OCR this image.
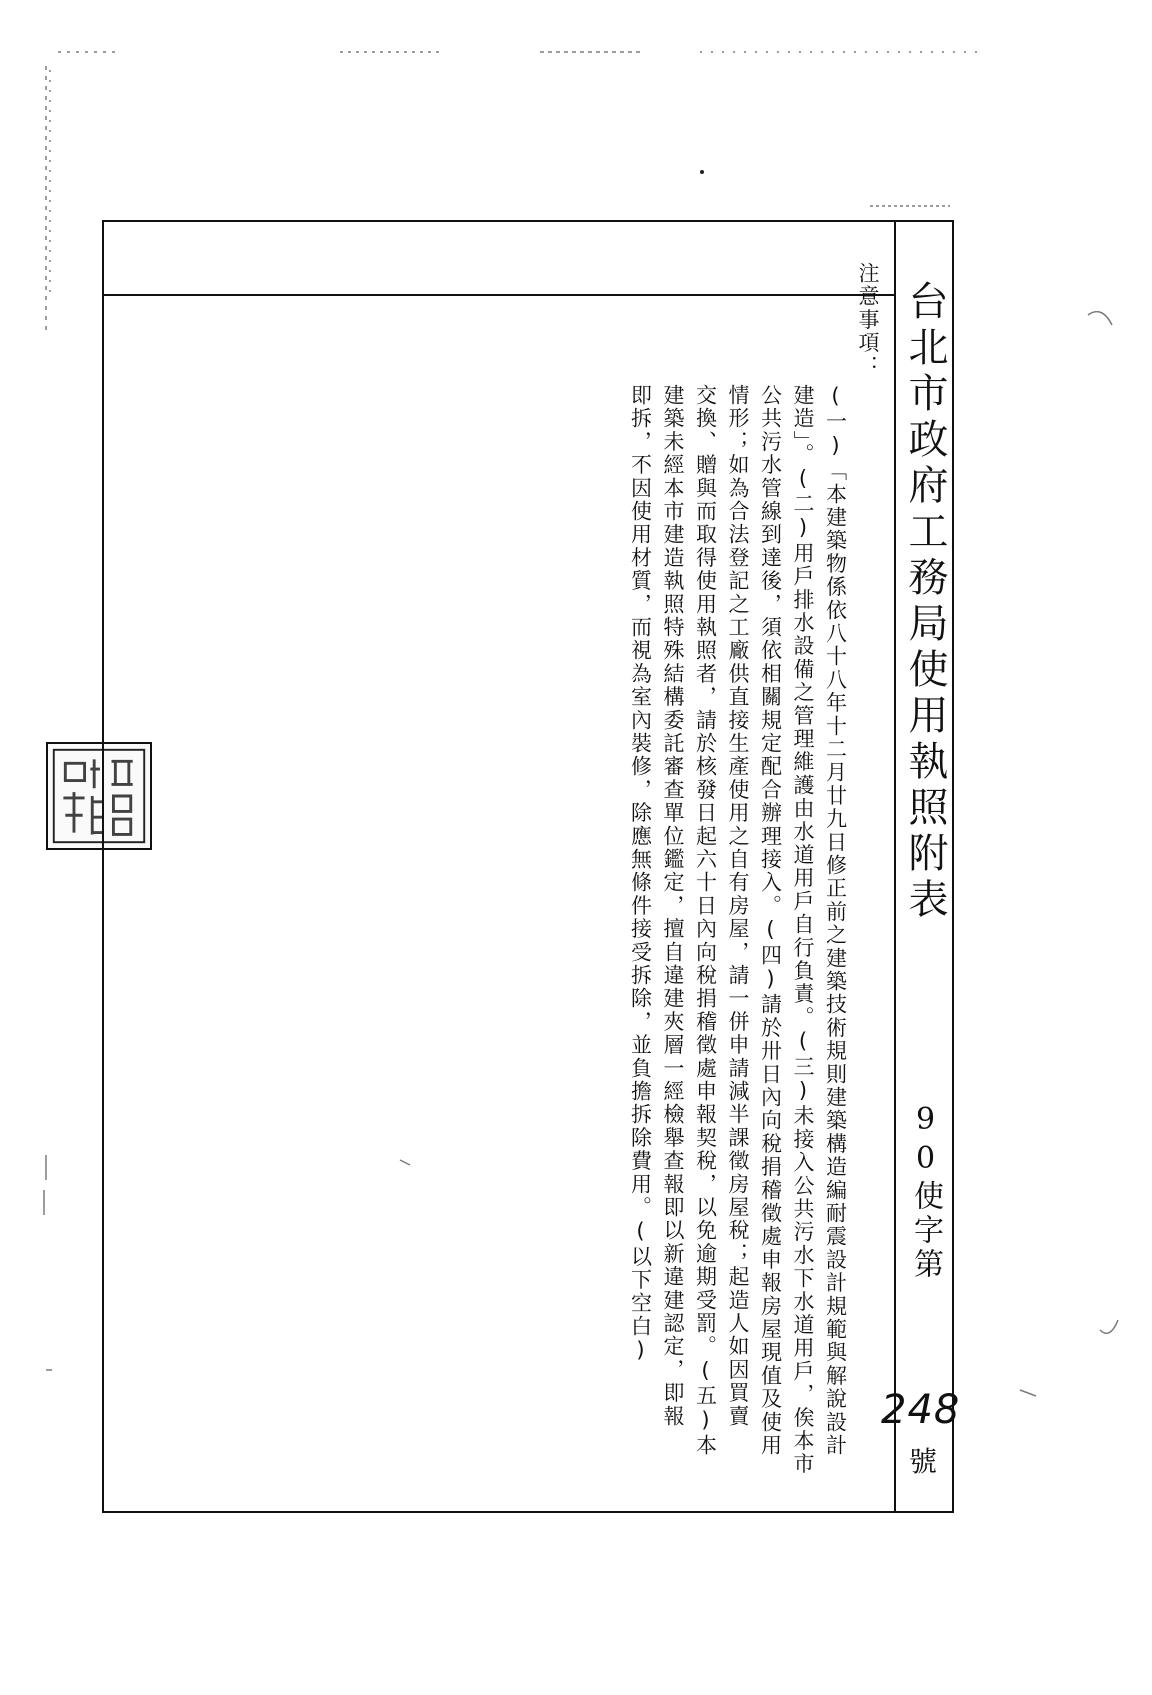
台北市政府工務局使用執照附表
90使字第
248
號
注意事項：
(一)「本建築物係依八十八年十二月廿九日修正前之建築技術規則建築構造編耐震設計規範與解說設計
建造」。(二)用戶排水設備之管理維護由水道用戶自行負責。(三)未接入公共污水下水道用戶，俟本市
公共污水管線到達後，須依相關規定配合辦理接入。(四)請於卅日內向稅捐稽徵處申報房屋現值及使用
情形；如為合法登記之工廠供直接生產使用之自有房屋，請一併申請減半課徵房屋稅；起造人如因買賣
交換、贈與而取得使用執照者，請於核發日起六十日內向稅捐稽徵處申報契稅，以免逾期受罰。(五)本
建築未經本市建造執照特殊結構委託審查單位鑑定，擅自違建夾層一經檢舉查報即以新違建認定，即報
即拆，不因使用材質，而視為室內裝修，除應無條件接受拆除，並負擔拆除費用。(以下空白)
